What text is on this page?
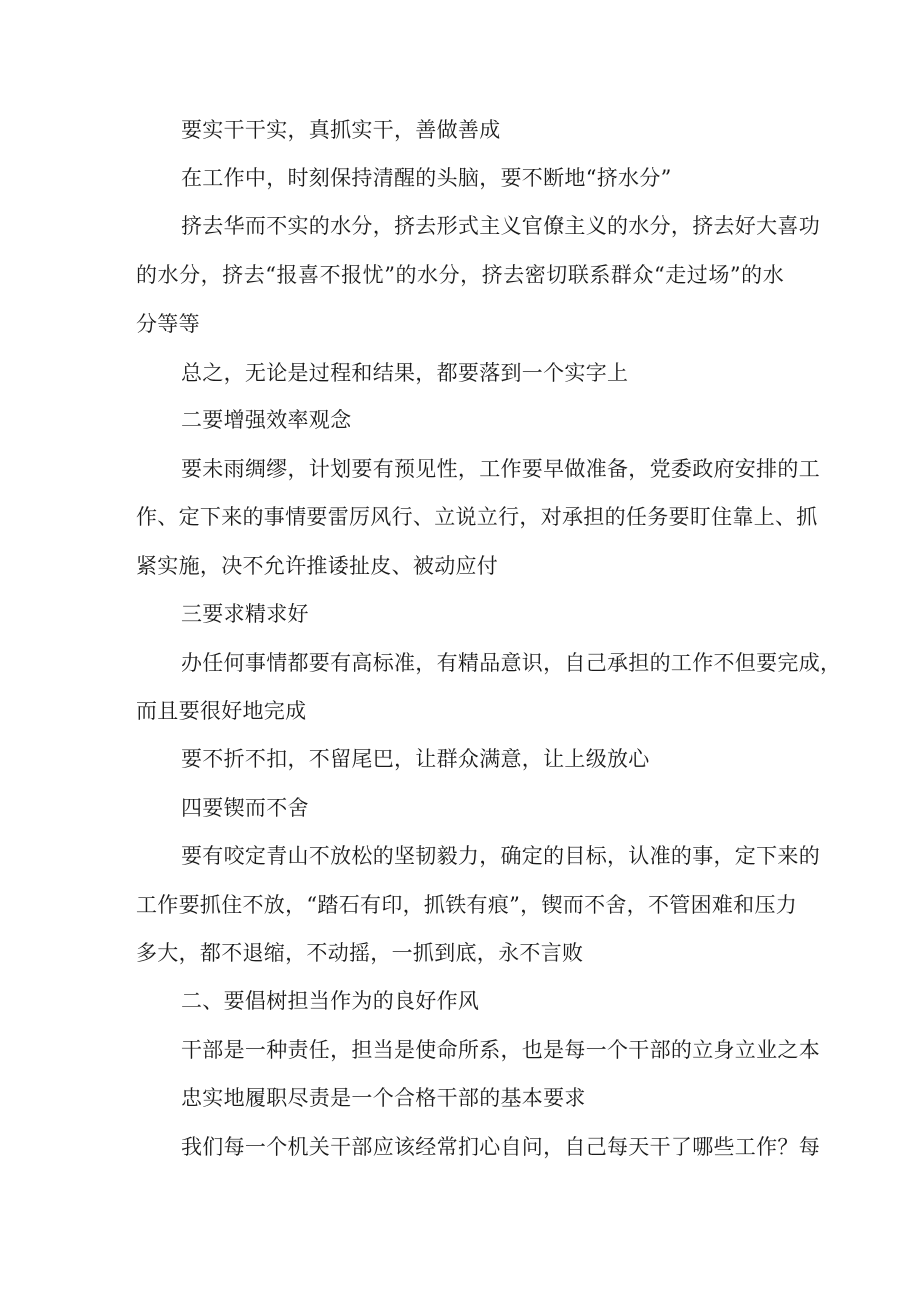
要实干干实，真抓实干，善做善成
在工作中，时刻保持清醒的头脑，要不断地“挤水分”
挤去华而不实的水分，挤去形式主义官僚主义的水分，挤去好大喜功
的水分，挤去“报喜不报忧”的水分，挤去密切联系群众“走过场”的水
分等等
总之，无论是过程和结果，都要落到一个实字上
二要增强效率观念
要未雨绸缪，计划要有预见性，工作要早做准备，党委政府安排的工
作、定下来的事情要雷厉风行、立说立行，对承担的任务要盯住靠上、抓
紧实施，决不允许推诿扯皮、被动应付
三要求精求好
办任何事情都要有高标准，有精品意识，自己承担的工作不但要完成，
而且要很好地完成
要不折不扣，不留尾巴，让群众满意，让上级放心
四要锲而不舍
要有咬定青山不放松的坚韧毅力，确定的目标，认准的事，定下来的
工作要抓住不放，“踏石有印，抓铁有痕”，锲而不舍，不管困难和压力
多大，都不退缩，不动摇，一抓到底，永不言败
二、要倡树担当作为的良好作风
干部是一种责任，担当是使命所系，也是每一个干部的立身立业之本
忠实地履职尽责是一个合格干部的基本要求
我们每一个机关干部应该经常扪心自问，自己每天干了哪些工作？每
